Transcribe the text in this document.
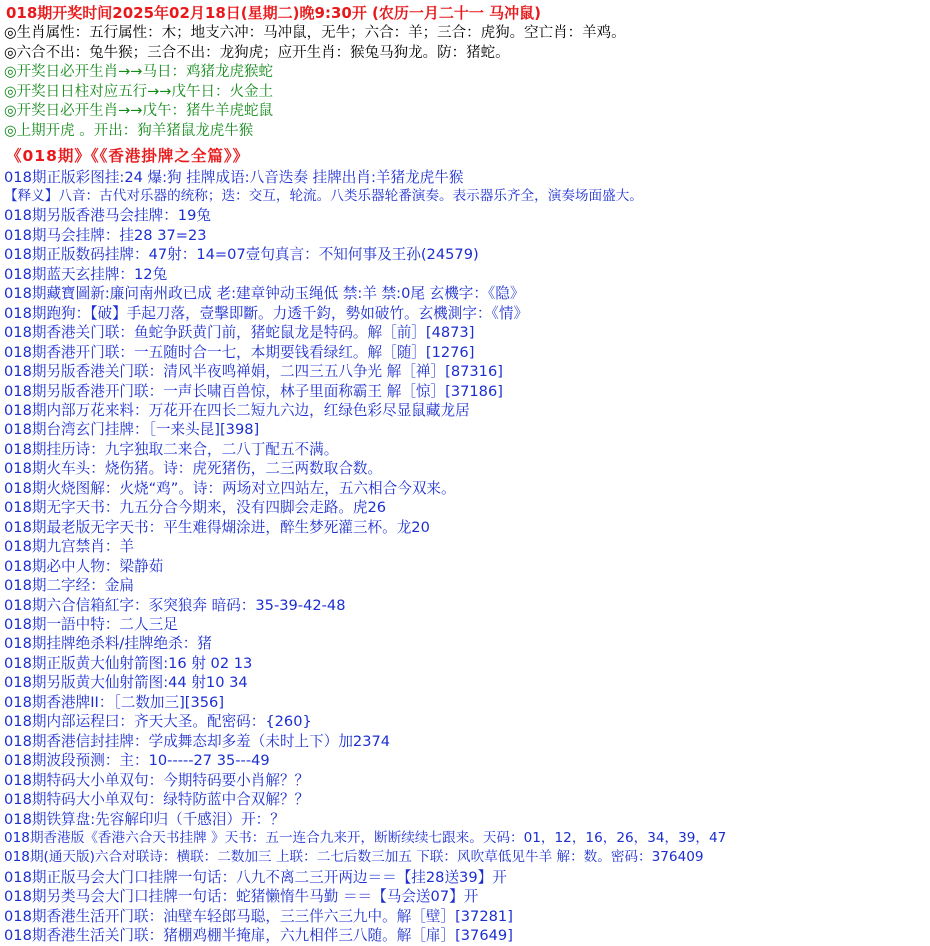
018期开奖时间2025年02月18日(星期二)晚9:30开 (农历一月二十一 马冲鼠)
◎生肖属性：五行属性：木；地支六冲：马冲鼠，无牛；六合：羊；三合：虎狗。空亡肖：羊鸡。
◎六合不出：兔牛猴；三合不出：龙狗虎；应开生肖：猴兔马狗龙。防：猪蛇。
◎开奖日必开生肖→→马日：鸡猪龙虎猴蛇
◎开奖日日柱对应五行→→戊午日：火金土
◎开奖日必开生肖→→戊午：猪牛羊虎蛇鼠
◎上期开虎 。开出：狗羊猪鼠龙虎牛猴
《018期》《《香港掛牌之全篇》》
018期正版彩图挂:24 爆:狗 挂牌成语:八音迭奏 挂牌出肖:羊猪龙虎牛猴
【释义】八音：古代对乐器的统称；迭：交互，轮流。八类乐器轮番演奏。表示器乐齐全，演奏场面盛大。
018期另版香港马会挂牌：19兔
018期马会挂牌：挂28 37=23
018期正版数码挂牌：47射：14=07壹句真言：不知何事及王孙(24579)
018期蓝天玄挂牌：12兔
018期藏寶圖新:廉问南州政已成 老:建章钟动玉绳低 禁:羊 禁:0尾 玄機字：《隐》
018期跑狗：【破】手起刀落，壹擊即斷。力透千鈞，勢如破竹。玄機測字：《情》
018期香港关门联：鱼蛇争跃黄门前，猪蛇鼠龙是特码。解［前］[4873]
018期香港开门联：一五随时合一七，本期要钱看绿红。解［随］[1276]
018期另版香港关门联：清风半夜鸣禅娟，二四三五八争光 解［禅］[87316]
018期另版香港开门联：一声长啸百兽惊，林子里面称霸王 解［惊］[37186]
018期内部万花来料：万花开在四长二短九六边，红绿色彩尽显鼠藏龙居
018期台湾玄门挂牌：［一来头昆][398]
018期挂历诗：九字独取二来合，二八丁配五不满。
018期火车头：烧伤猪。诗：虎死猪伤，二三两数取合数。
018期火烧图解：火烧“鸡”。诗：两场对立四站左，五六相合今双来。
018期无字天书：九五分合今期来，没有四脚会走路。虎26
018期最老版无字天书：平生难得煳涂进，醉生梦死灌三杯。龙20
018期九宫禁肖：羊
018期必中人物：梁静茹
018期二字经：金扁
018期六合信箱紅字：豕突狼奔 暗码：35-39-42-48
018期一語中特：二人三足
018期挂牌绝杀料/挂牌绝杀：猪
018期正版黄大仙射箭图:16 射 02 13
018期另版黄大仙射箭图:44 射10 34
018期香港牌II：［二数加三][356]
018期内部运程曰：齐天大圣。配密码：{260}
018期香港信封挂牌：学成舞态却多羞（未时上下）加2374
018期波段预测：主：10-----27 35---49
018期特码大小单双句：今期特码要小肖解？？
018期特码大小单双句：绿特防蓝中合双解？？
018期铁算盘:先容解印归（千感泪）开：？
018期香港版《香港六合天书挂牌 》天书：五一连合九来开，断断续续七跟来。天码：01，12，16，26，34，39，47
018期(通天版)六合对联诗：横联：二数加三 上联：二七后数三加五 下联：风吹草低见牛羊 解：数。密码：376409
018期正版马会大门口挂牌一句话：八九不离二三开两边＝＝【挂28送39】开
018期另类马会大门口挂牌一句话：蛇猪懒惰牛马勤 ＝＝【马会送07】开
018期香港生活开门联：油壁车轻郎马聪，三三伴六三九中。解［壁］[37281]
018期香港生活关门联：猪棚鸡棚半掩扉，六九相伴三八随。解［扉］[37649]
